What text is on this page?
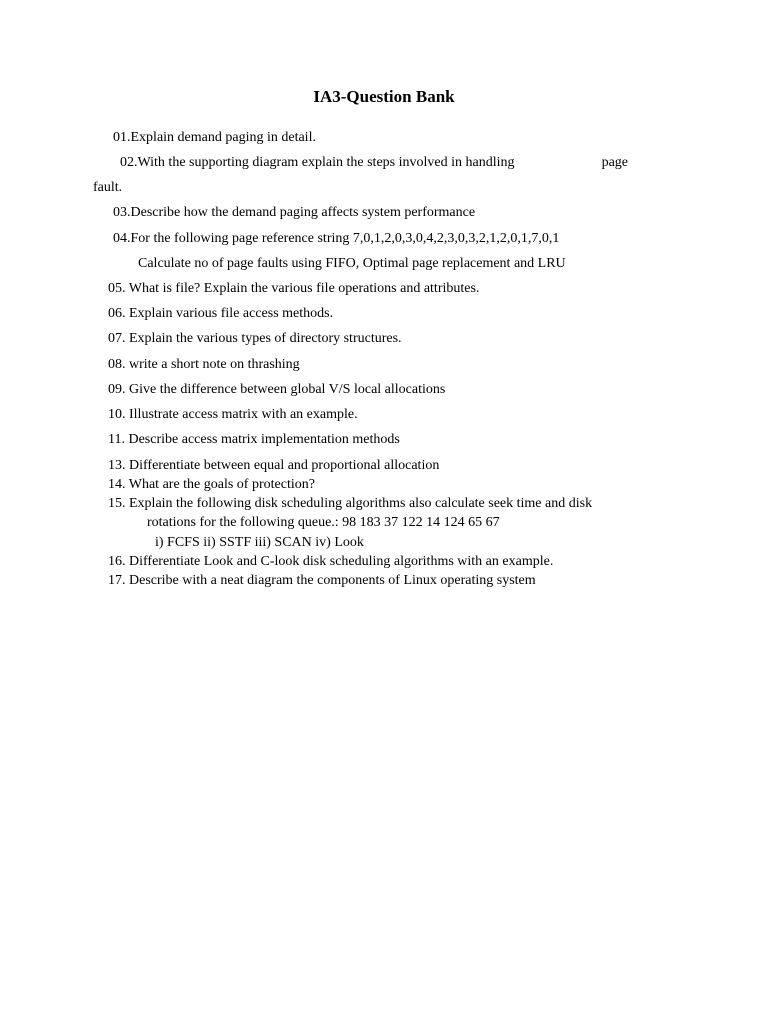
IA3-Question Bank
01.Explain demand paging in detail.
02.With the supporting diagram explain the steps involved in handling	page
fault.
03.Describe how the demand paging affects system performance
04.For the following page reference string 7,0,1,2,0,3,0,4,2,3,0,3,2,1,2,0,1,7,0,1
Calculate no of page faults using FIFO, Optimal page replacement and LRU
05. What is file? Explain the various file operations and attributes.
06. Explain various file access methods.
07. Explain the various types of directory structures.
08. write a short note on thrashing
09. Give the difference between global V/S local allocations
10. Illustrate access matrix with an example.
11. Describe access matrix implementation methods
13. Differentiate between equal and proportional allocation
14. What are the goals of protection?
15. Explain the following disk scheduling algorithms also calculate seek time and disk
rotations for the following queue.: 98 183 37 122 14 124 65 67
i) FCFS ii) SSTF iii) SCAN iv) Look
16. Differentiate Look and C-look disk scheduling algorithms with an example.
17. Describe with a neat diagram the components of Linux operating system
